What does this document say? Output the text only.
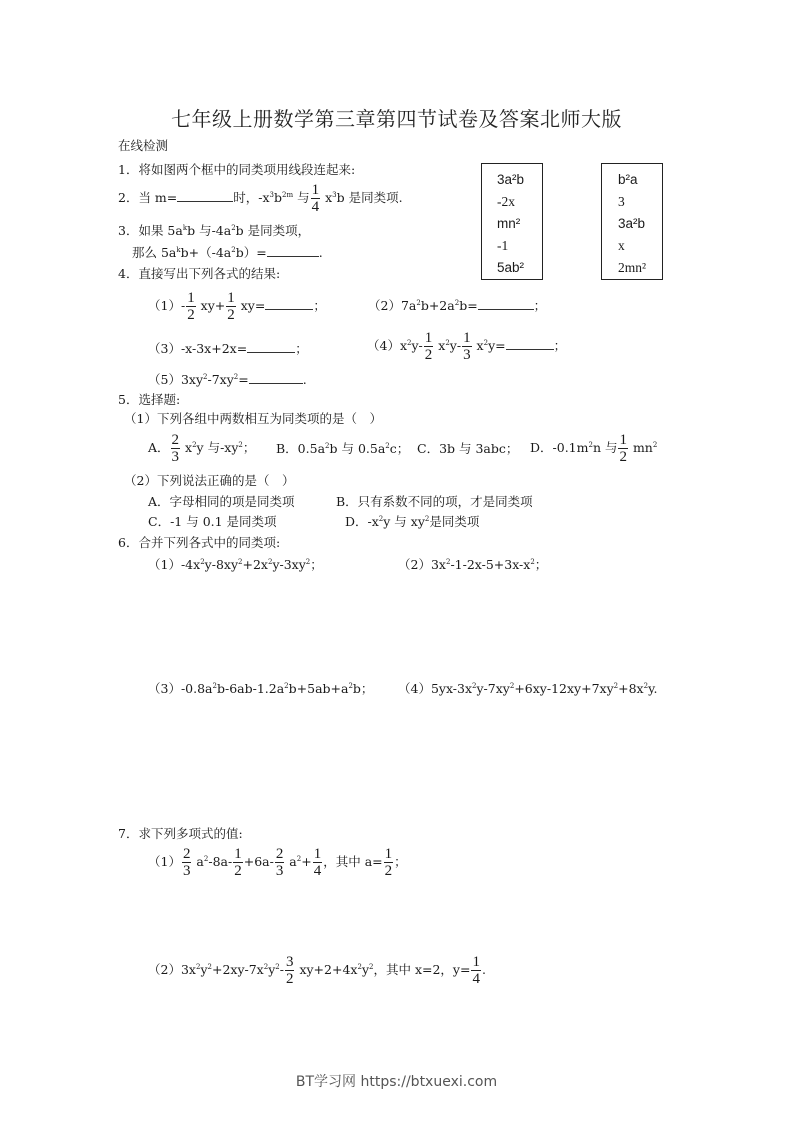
七年级上册数学第三章第四节试卷及答案北师大版
在线检测
1．将如图两个框中的同类项用线段连起来:
3a²b
-2x
mn²
-1
5ab²
b²a
3
3a²b
x
2mn²
2．当 m=	时，$-x^3b^{2m}$ 与 $\frac{1}{4} x^3b$ 是同类项.
3．如果 $5a^kb$ 与$-4a^2b$ 是同类项，
那么 $5a^kb+(-4a^2b)=$	.
4．直接写出下列各式的结果:
$(1)- \frac{1}{2} xy+ \frac{1}{2} xy=$	；	$(2)7a^2b+2a^2b=$	；
（3）-x-3x+2x=	；	$(4)x^2y- \frac{1}{2} x^2y- \frac{1}{3} x^2y=$	；
$(5)3xy^2-7xy^2=$	.
5．选择题:
（1）下列各组中两数相互为同类项的是（　）
A． $\frac{2}{3} x^2y$ 与$-xy^2$； B．$0.5a^2b$ 与 $0.5a^2c$； C．3b 与 3abc； D．$-0.1m^2n$ 与 $\frac{1}{2} mn^2$
（2）下列说法正确的是（　）
A．字母相同的项是同类项	B．只有系数不同的项，才是同类项
C．-1 与 0.1 是同类项	D．$-x^2y$ 与 $xy^2$是同类项
6．合并下列各式中的同类项:
$(1)-4x^2y-8xy^2+2x^2y-3xy^2$；	$(2)3x^2-1-2x-5+3x-x^2$；
$(3)-0.8a^2b-6ab-1.2a^2b+5ab+a^2b$； $(4)5yx-3x^2y-7xy^2+6xy-12xy+7xy^2+8x^2y$.
7．求下列多项式的值:
$(1) \frac{2}{3} a^2-8a- \frac{1}{2} +6a- \frac{2}{3} a^2+ \frac{1}{4}$ ，其中 $a= \frac{1}{2}$ ；
$(2)3x^2y^2+2xy-7x^2y^2- \frac{3}{2} xy+2+4x^2y^2$，其中 x=2，$y= \frac{1}{4}$ .
BT学习网 https://btxuexi.com
